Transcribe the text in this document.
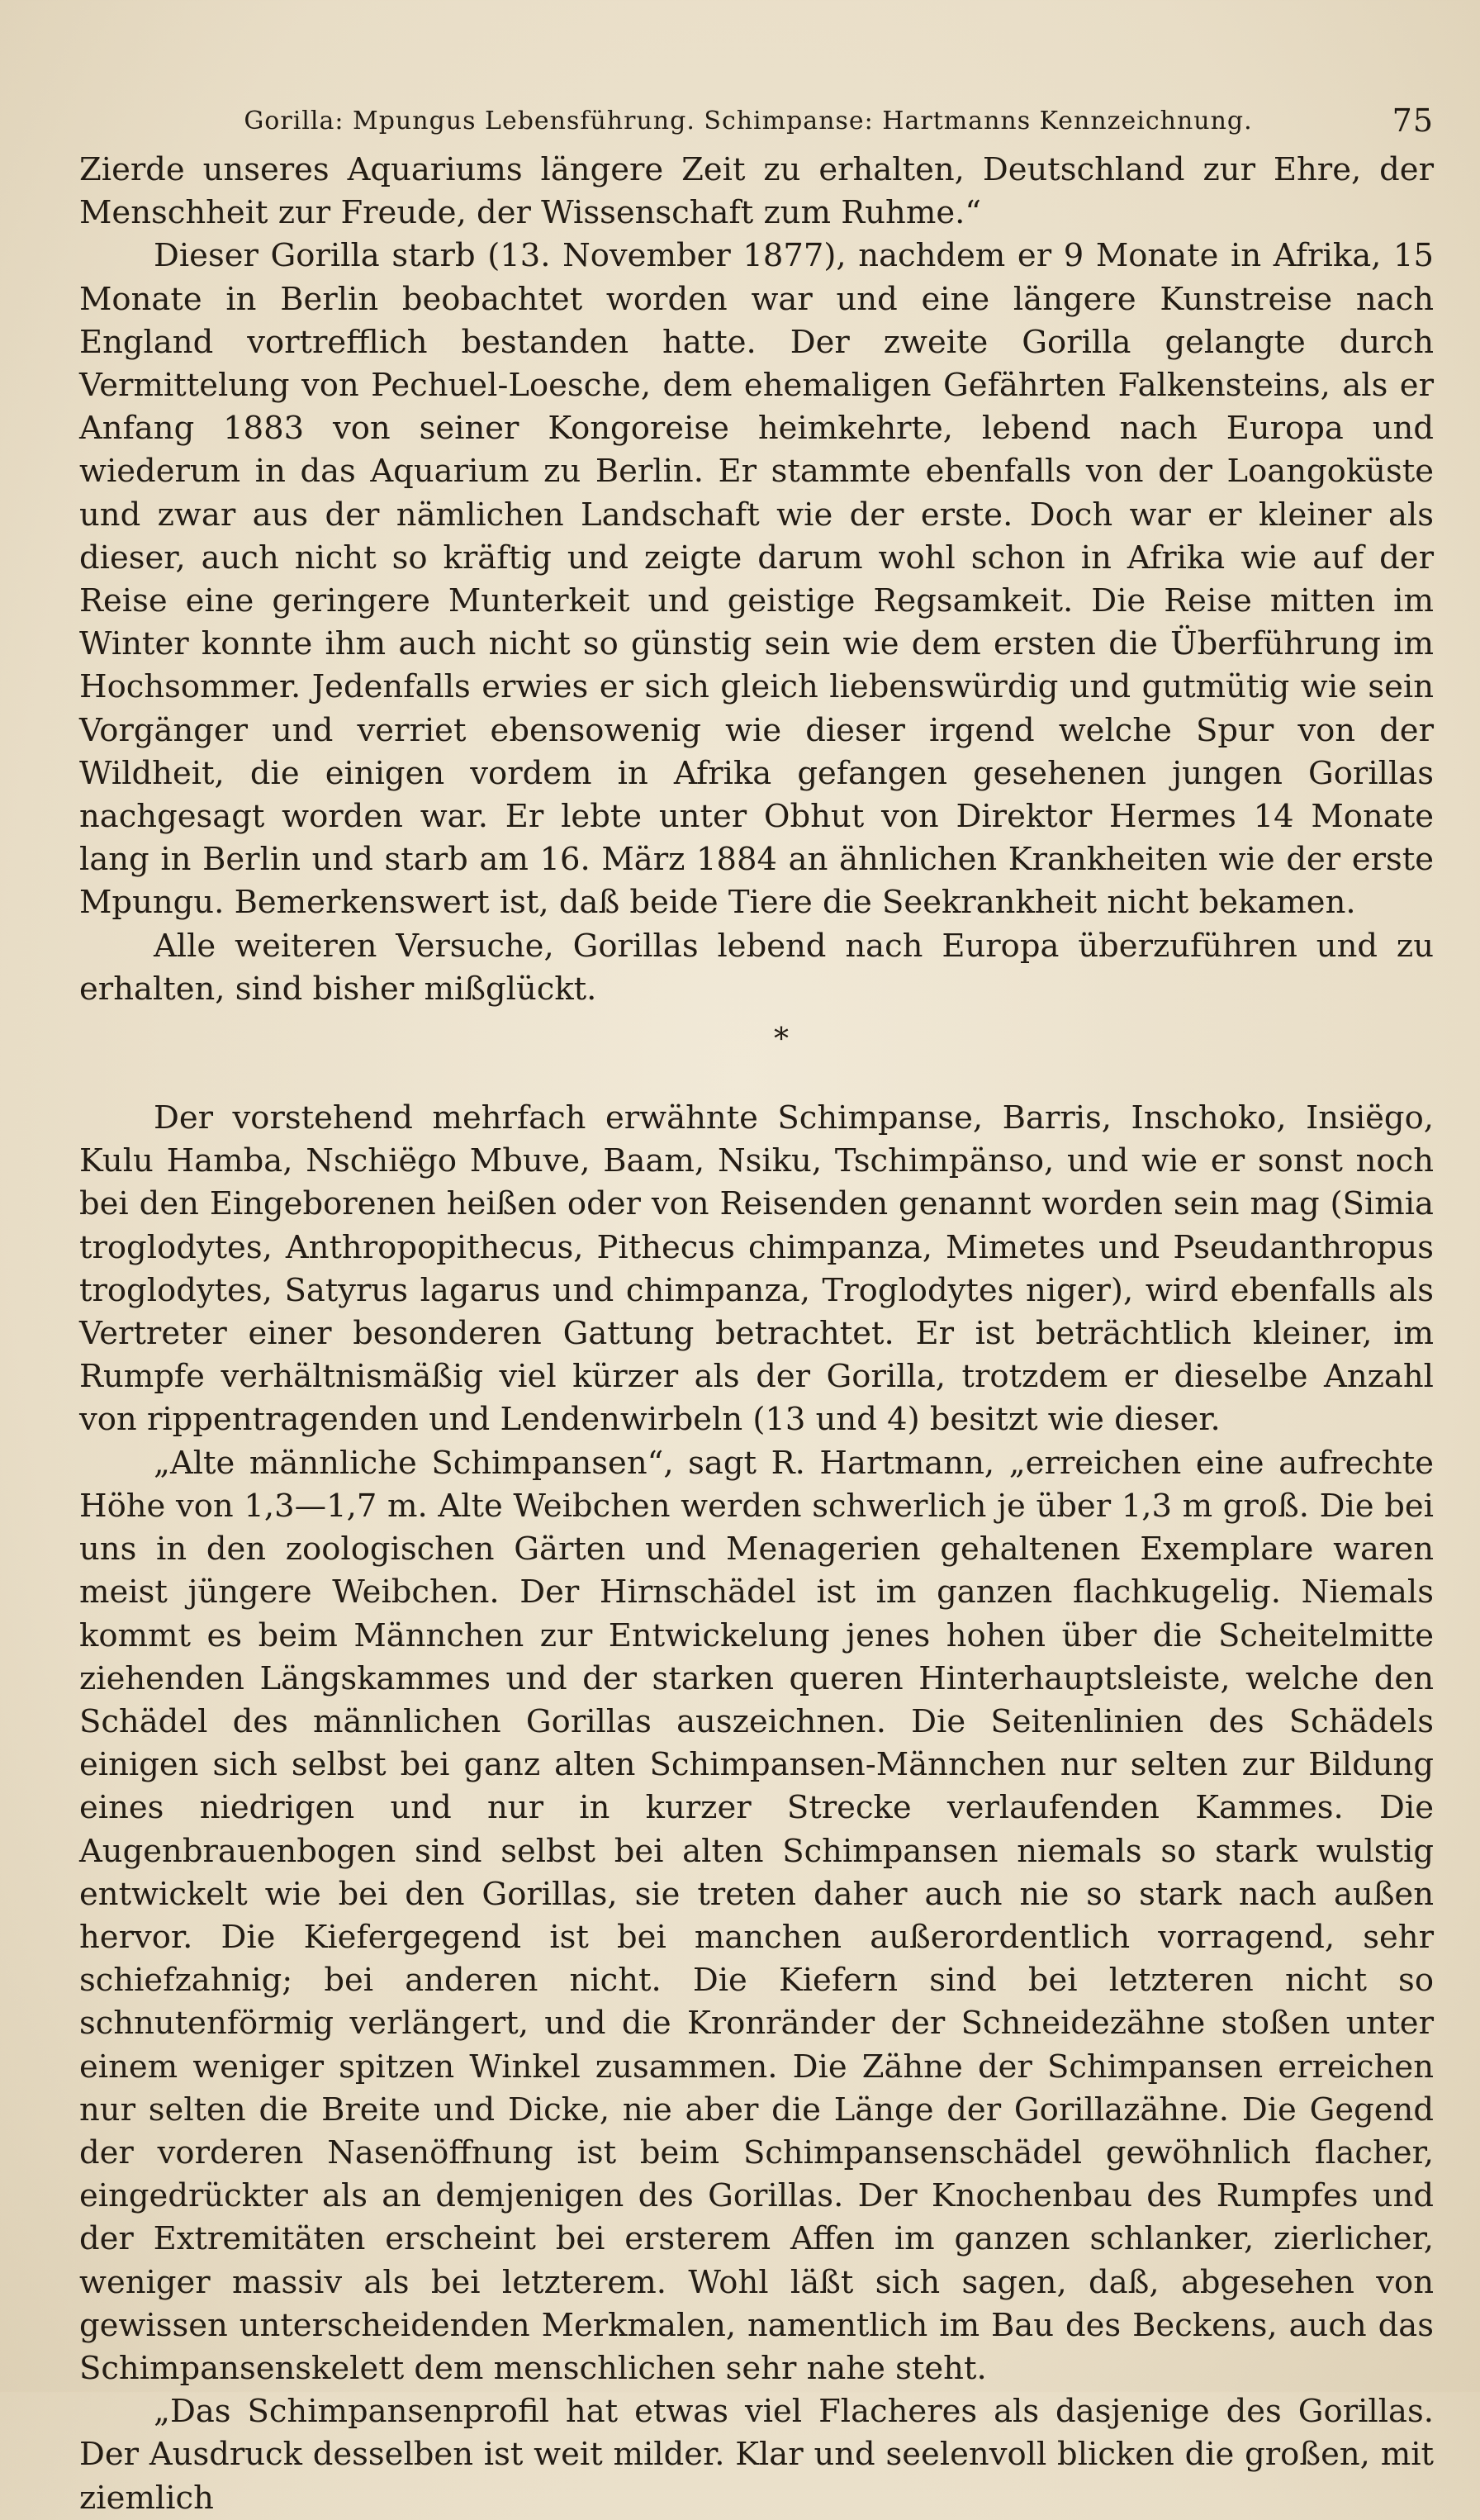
Gorilla: Mpungus Lebensführung. Schimpanse: Hartmanns Kennzeichnung.	75

Zierde unseres Aquariums längere Zeit zu erhalten, Deutschland zur Ehre, der Menschheit zur Freude, der Wissenschaft zum Ruhme.“

Dieser Gorilla starb (13. November 1877), nachdem er 9 Monate in Afrika, 15 Monate in Berlin beobachtet worden war und eine längere Kunstreise nach England vortrefflich bestanden hatte. Der zweite Gorilla gelangte durch Vermittelung von Pechuel-Loesche, dem ehemaligen Gefährten Falkensteins, als er Anfang 1883 von seiner Kongoreise heimkehrte, lebend nach Europa und wiederum in das Aquarium zu Berlin. Er stammte ebenfalls von der Loangoküste und zwar aus der nämlichen Landschaft wie der erste. Doch war er kleiner als dieser, auch nicht so kräftig und zeigte darum wohl schon in Afrika wie auf der Reise eine geringere Munterkeit und geistige Regsamkeit. Die Reise mitten im Winter konnte ihm auch nicht so günstig sein wie dem ersten die Überführung im Hochsommer. Jedenfalls erwies er sich gleich liebenswürdig und gutmütig wie sein Vorgänger und verriet ebensowenig wie dieser irgend welche Spur von der Wildheit, die einigen vordem in Afrika gefangen gesehenen jungen Gorillas nachgesagt worden war. Er lebte unter Obhut von Direktor Hermes 14 Monate lang in Berlin und starb am 16. März 1884 an ähnlichen Krankheiten wie der erste Mpungu. Bemerkenswert ist, daß beide Tiere die Seekrankheit nicht bekamen.

Alle weiteren Versuche, Gorillas lebend nach Europa überzuführen und zu erhalten, sind bisher mißglückt.

*

Der vorstehend mehrfach erwähnte Schimpanse, Barris, Inschoko, Insiëgo, Kulu Hamba, Nschiëgo Mbuve, Baam, Nsiku, Tschimpänso, und wie er sonst noch bei den Eingeborenen heißen oder von Reisenden genannt worden sein mag (Simia troglodytes, Anthropopithecus, Pithecus chimpanza, Mimetes und Pseudanthropus troglodytes, Satyrus lagarus und chimpanza, Troglodytes niger), wird ebenfalls als Vertreter einer besonderen Gattung betrachtet. Er ist beträchtlich kleiner, im Rumpfe verhältnismäßig viel kürzer als der Gorilla, trotzdem er dieselbe Anzahl von rippentragenden und Lendenwirbeln (13 und 4) besitzt wie dieser.

„Alte männliche Schimpansen“, sagt R. Hartmann, „erreichen eine aufrechte Höhe von 1,3—1,7 m. Alte Weibchen werden schwerlich je über 1,3 m groß. Die bei uns in den zoologischen Gärten und Menagerien gehaltenen Exemplare waren meist jüngere Weibchen. Der Hirnschädel ist im ganzen flachkugelig. Niemals kommt es beim Männchen zur Entwickelung jenes hohen über die Scheitelmitte ziehenden Längskammes und der starken queren Hinterhauptsleiste, welche den Schädel des männlichen Gorillas auszeichnen. Die Seitenlinien des Schädels einigen sich selbst bei ganz alten Schimpansen-Männchen nur selten zur Bildung eines niedrigen und nur in kurzer Strecke verlaufenden Kammes. Die Augenbrauenbogen sind selbst bei alten Schimpansen niemals so stark wulstig entwickelt wie bei den Gorillas, sie treten daher auch nie so stark nach außen hervor. Die Kiefergegend ist bei manchen außerordentlich vorragend, sehr schiefzahnig; bei anderen nicht. Die Kiefern sind bei letzteren nicht so schnutenförmig verlängert, und die Kronränder der Schneidezähne stoßen unter einem weniger spitzen Winkel zusammen. Die Zähne der Schimpansen erreichen nur selten die Breite und Dicke, nie aber die Länge der Gorillazähne. Die Gegend der vorderen Nasenöffnung ist beim Schimpansenschädel gewöhnlich flacher, eingedrückter als an demjenigen des Gorillas. Der Knochenbau des Rumpfes und der Extremitäten erscheint bei ersterem Affen im ganzen schlanker, zierlicher, weniger massiv als bei letzterem. Wohl läßt sich sagen, daß, abgesehen von gewissen unterscheidenden Merkmalen, namentlich im Bau des Beckens, auch das Schimpansenskelett dem menschlichen sehr nahe steht.

„Das Schimpansenprofil hat etwas viel Flacheres als dasjenige des Gorillas. Der Ausdruck desselben ist weit milder. Klar und seelenvoll blicken die großen, mit ziemlich
